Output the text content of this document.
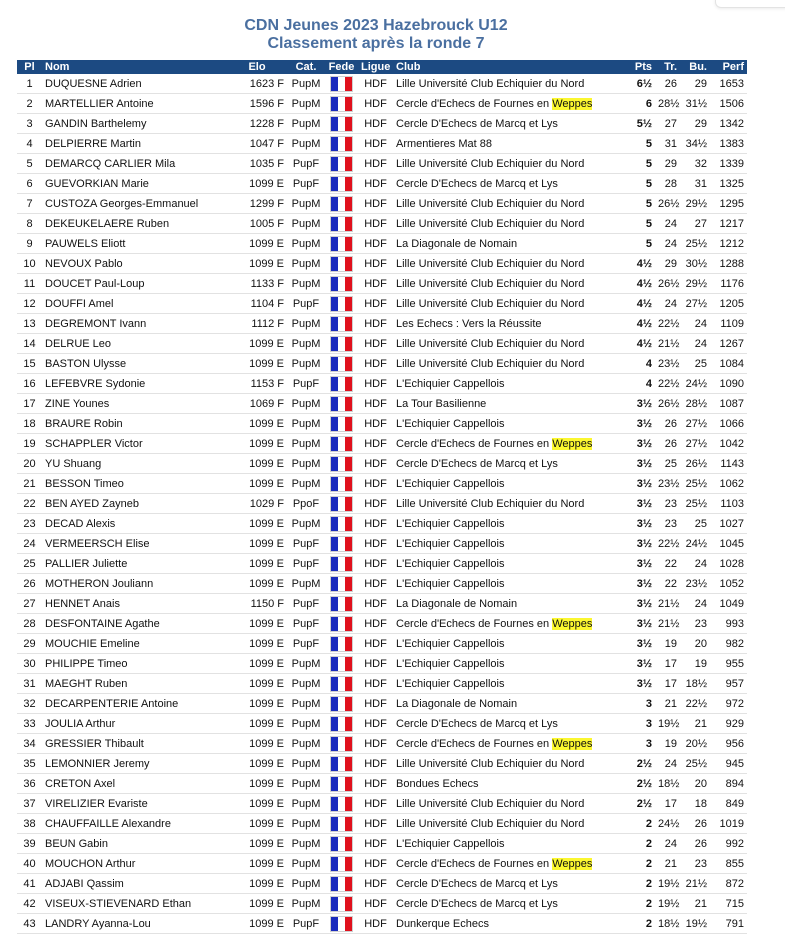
CDN Jeunes 2023 Hazebrouck U12
Classement après la ronde 7
Pl	Nom	Elo	Cat.	Fede	Ligue	Club	Pts	Tr.	Bu.	Perf
1	DUQUESNE Adrien	1623 F	PupM		HDF	Lille Université Club Echiquier du Nord	6½	26	29	1653
2	MARTELLIER Antoine	1596 F	PupM		HDF	Cercle d'Echecs de Fournes en Weppes	6	28½	31½	1506
3	GANDIN Barthelemy	1228 F	PupM		HDF	Cercle D'Echecs de Marcq et Lys	5½	27	29	1342
4	DELPIERRE Martin	1047 F	PupM		HDF	Armentieres Mat 88	5	31	34½	1383
5	DEMARCQ CARLIER Mila	1035 F	PupF		HDF	Lille Université Club Echiquier du Nord	5	29	32	1339
6	GUEVORKIAN Marie	1099 E	PupF		HDF	Cercle D'Echecs de Marcq et Lys	5	28	31	1325
7	CUSTOZA Georges-Emmanuel	1299 F	PupM		HDF	Lille Université Club Echiquier du Nord	5	26½	29½	1295
8	DEKEUKELAERE Ruben	1005 F	PupM		HDF	Lille Université Club Echiquier du Nord	5	24	27	1217
9	PAUWELS Eliott	1099 E	PupM		HDF	La Diagonale de Nomain	5	24	25½	1212
10	NEVOUX Pablo	1099 E	PupM		HDF	Lille Université Club Echiquier du Nord	4½	29	30½	1288
11	DOUCET Paul-Loup	1133 F	PupM		HDF	Lille Université Club Echiquier du Nord	4½	26½	29½	1176
12	DOUFFI Amel	1104 F	PupF		HDF	Lille Université Club Echiquier du Nord	4½	24	27½	1205
13	DEGREMONT Ivann	1112 F	PupM		HDF	Les Echecs : Vers la Réussite	4½	22½	24	1109
14	DELRUE Leo	1099 E	PupM		HDF	Lille Université Club Echiquier du Nord	4½	21½	24	1267
15	BASTON Ulysse	1099 E	PupM		HDF	Lille Université Club Echiquier du Nord	4	23½	25	1084
16	LEFEBVRE Sydonie	1153 F	PupF		HDF	L'Echiquier Cappellois	4	22½	24½	1090
17	ZINE Younes	1069 F	PupM		HDF	La Tour Basilienne	3½	26½	28½	1087
18	BRAURE Robin	1099 E	PupM		HDF	L'Echiquier Cappellois	3½	26	27½	1066
19	SCHAPPLER Victor	1099 E	PupM		HDF	Cercle d'Echecs de Fournes en Weppes	3½	26	27½	1042
20	YU Shuang	1099 E	PupM		HDF	Cercle D'Echecs de Marcq et Lys	3½	25	26½	1143
21	BESSON Timeo	1099 E	PupM		HDF	L'Echiquier Cappellois	3½	23½	25½	1062
22	BEN AYED Zayneb	1029 F	PpoF		HDF	Lille Université Club Echiquier du Nord	3½	23	25½	1103
23	DECAD Alexis	1099 E	PupM		HDF	L'Echiquier Cappellois	3½	23	25	1027
24	VERMEERSCH Elise	1099 E	PupF		HDF	L'Echiquier Cappellois	3½	22½	24½	1045
25	PALLIER Juliette	1099 E	PupF		HDF	L'Echiquier Cappellois	3½	22	24	1028
26	MOTHERON Jouliann	1099 E	PupM		HDF	L'Echiquier Cappellois	3½	22	23½	1052
27	HENNET Anais	1150 F	PupF		HDF	La Diagonale de Nomain	3½	21½	24	1049
28	DESFONTAINE Agathe	1099 E	PupF		HDF	Cercle d'Echecs de Fournes en Weppes	3½	21½	23	993
29	MOUCHIE Emeline	1099 E	PupF		HDF	L'Echiquier Cappellois	3½	19	20	982
30	PHILIPPE Timeo	1099 E	PupM		HDF	L'Echiquier Cappellois	3½	17	19	955
31	MAEGHT Ruben	1099 E	PupM		HDF	L'Echiquier Cappellois	3½	17	18½	957
32	DECARPENTERIE Antoine	1099 E	PupM		HDF	La Diagonale de Nomain	3	21	22½	972
33	JOULIA Arthur	1099 E	PupM		HDF	Cercle D'Echecs de Marcq et Lys	3	19½	21	929
34	GRESSIER Thibault	1099 E	PupM		HDF	Cercle d'Echecs de Fournes en Weppes	3	19	20½	956
35	LEMONNIER Jeremy	1099 E	PupM		HDF	Lille Université Club Echiquier du Nord	2½	24	25½	945
36	CRETON Axel	1099 E	PupM		HDF	Bondues Echecs	2½	18½	20	894
37	VIRELIZIER Evariste	1099 E	PupM		HDF	Lille Université Club Echiquier du Nord	2½	17	18	849
38	CHAUFFAILLE Alexandre	1099 E	PupM		HDF	Lille Université Club Echiquier du Nord	2	24½	26	1019
39	BEUN Gabin	1099 E	PupM		HDF	L'Echiquier Cappellois	2	24	26	992
40	MOUCHON Arthur	1099 E	PupM		HDF	Cercle d'Echecs de Fournes en Weppes	2	21	23	855
41	ADJABI Qassim	1099 E	PupM		HDF	Cercle D'Echecs de Marcq et Lys	2	19½	21½	872
42	VISEUX-STIEVENARD Ethan	1099 E	PupM		HDF	Cercle D'Echecs de Marcq et Lys	2	19½	21	715
43	LANDRY Ayanna-Lou	1099 E	PupF		HDF	Dunkerque Echecs	2	18½	19½	791
